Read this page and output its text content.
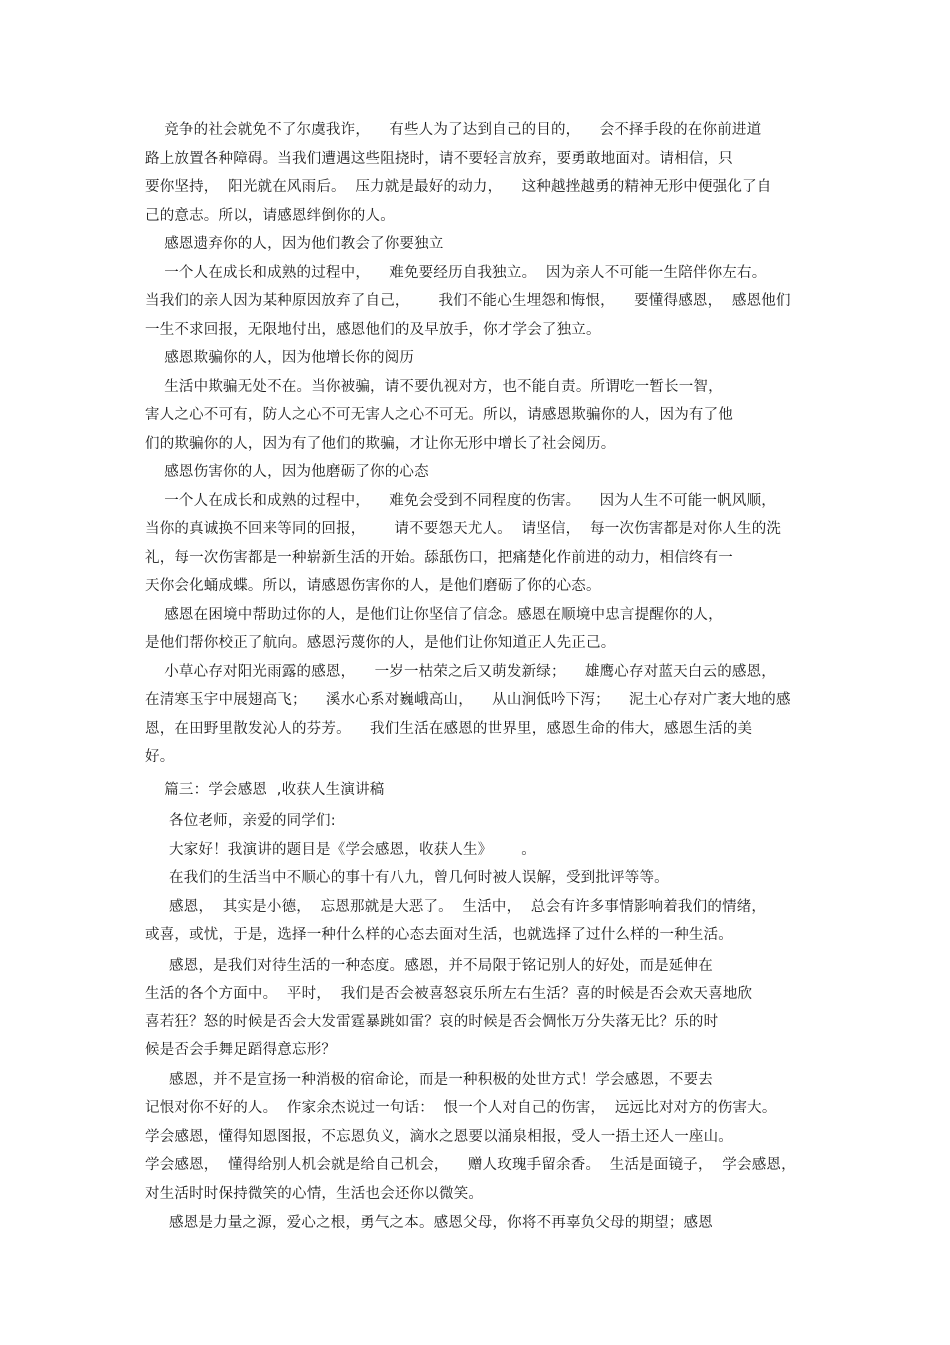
竞争的社会就免不了尔虞我诈，    有些人为了达到自己的目的，    会不择手段的在你前进道
路上放置各种障碍。当我们遭遇这些阻挠时，请不要轻言放弃，要勇敢地面对。请相信，只
要你坚持，  阳光就在风雨后。  压力就是最好的动力，    这种越挫越勇的精神无形中便强化了自
己的意志。所以，请感恩绊倒你的人。
感恩遗弃你的人，因为他们教会了你要独立
一个人在成长和成熟的过程中，    难免要经历自我独立。  因为亲人不可能一生陪伴你左右。
当我们的亲人因为某种原因放弃了自己，      我们不能心生埋怨和悔恨，    要懂得感恩，  感恩他们
一生不求回报，无限地付出，感恩他们的及早放手，你才学会了独立。
感恩欺骗你的人，因为他增长你的阅历
生活中欺骗无处不在。当你被骗，请不要仇视对方，也不能自责。所谓吃一暂长一智，
害人之心不可有，防人之心不可无害人之心不可无。所以，请感恩欺骗你的人，因为有了他
们的欺骗你的人，因为有了他们的欺骗，才让你无形中增长了社会阅历。
感恩伤害你的人，因为他磨砺了你的心态
一个人在成长和成熟的过程中，    难免会受到不同程度的伤害。    因为人生不可能一帆风顺，
当你的真诚换不回来等同的回报，      请不要怨天尤人。  请坚信，  每一次伤害都是对你人生的洗
礼，每一次伤害都是一种崭新生活的开始。舔舐伤口，把痛楚化作前进的动力，相信终有一
天你会化蛹成蝶。所以，请感恩伤害你的人，是他们磨砺了你的心态。
感恩在困境中帮助过你的人，是他们让你坚信了信念。感恩在顺境中忠言提醒你的人，
是他们帮你校正了航向。感恩污蔑你的人，是他们让你知道正人先正己。
小草心存对阳光雨露的感恩，    一岁一枯荣之后又萌发新绿；    雄鹰心存对蓝天白云的感恩，
在清寒玉宇中展翅高飞；    溪水心系对巍峨高山，    从山涧低吟下泻；    泥土心存对广袤大地的感
恩，在田野里散发沁人的芬芳。    我们生活在感恩的世界里，感恩生命的伟大，感恩生活的美
好。
篇三：学会感恩  ,收获人生演讲稿
各位老师，亲爱的同学们:
大家好！我演讲的题目是《学会感恩，收获人生》      。
在我们的生活当中不顺心的事十有八九，曾几何时被人误解，受到批评等等。
感恩，  其实是小德，  忘恩那就是大恶了。  生活中，  总会有许多事情影响着我们的情绪，
或喜，或忧，于是，选择一种什么样的心态去面对生活，也就选择了过什么样的一种生活。
感恩，是我们对待生活的一种态度。感恩，并不局限于铭记别人的好处，而是延伸在
生活的各个方面中。  平时，  我们是否会被喜怒哀乐所左右生活？喜的时候是否会欢天喜地欣
喜若狂？怒的时候是否会大发雷霆暴跳如雷？哀的时候是否会惆怅万分失落无比？乐的时
候是否会手舞足蹈得意忘形？
感恩，并不是宣扬一种消极的宿命论，而是一种积极的处世方式！学会感恩，不要去
记恨对你不好的人。  作家余杰说过一句话：  恨一个人对自己的伤害，  远远比对对方的伤害大。
学会感恩，懂得知恩图报，不忘恩负义，滴水之恩要以涌泉相报，受人一捂土还人一座山。
学会感恩，  懂得给别人机会就是给自己机会，    赠人玫瑰手留余香。  生活是面镜子，  学会感恩，
对生活时时保持微笑的心情，生活也会还你以微笑。
感恩是力量之源，爱心之根，勇气之本。感恩父母，你将不再辜负父母的期望；感恩
